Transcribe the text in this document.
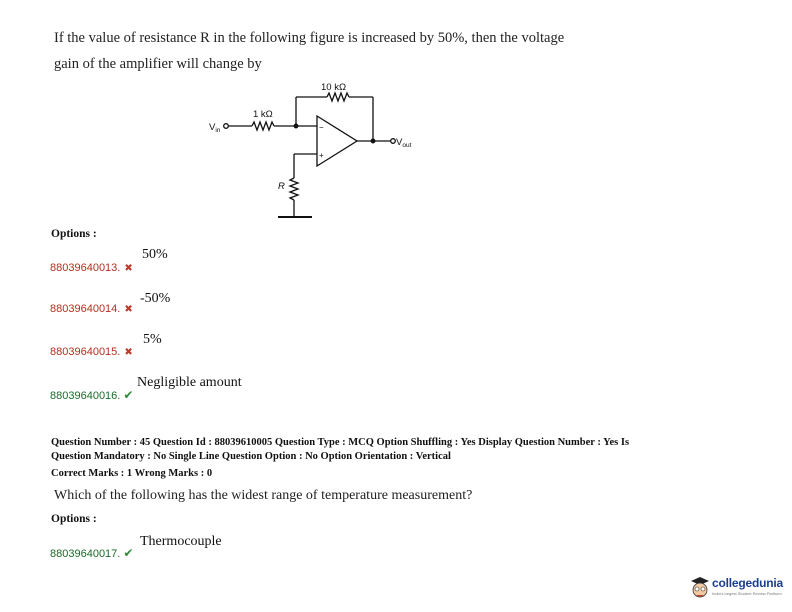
If the value of resistance R in the following figure is increased by 50%, then the voltage
gain of the amplifier will change by
10 kΩ
1 kΩ
$V_{in}$
$V_{out}$
R
−
+
Options :
88039640013. ✖
50%
88039640014. ✖
-50%
88039640015. ✖
5%
88039640016. ✔
Negligible amount
Question Number : 45 Question Id : 88039610005 Question Type : MCQ Option Shuffling : Yes Display Question Number : Yes Is
Question Mandatory : No Single Line Question Option : No Option Orientation : Vertical
Correct Marks : 1 Wrong Marks : 0
Which of the following has the widest range of temperature measurement?
Options :
88039640017. ✔
Thermocouple
collegedunia
India's largest Student Review Platform
